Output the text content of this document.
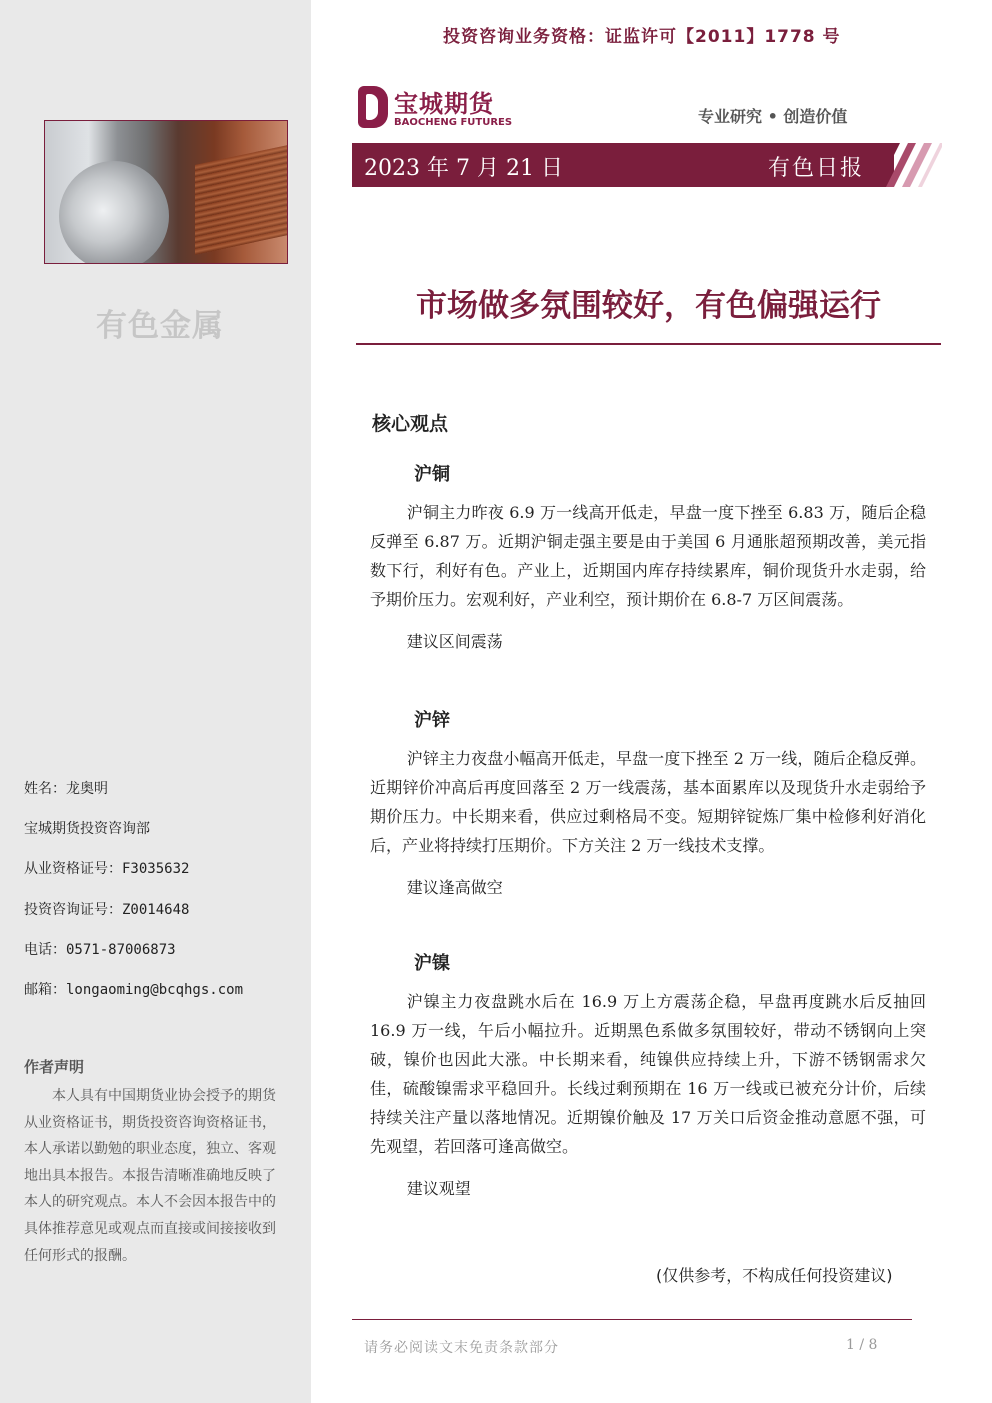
有色金属
姓名：龙奥明
宝城期货投资咨询部
从业资格证号：F3035632
投资咨询证号：Z0014648
电话：0571-87006873
邮箱：longaoming@bcqhgs.com
作者声明
本人具有中国期货业协会授予的期货从业资格证书，期货投资咨询资格证书，本人承诺以勤勉的职业态度，独立、客观地出具本报告。本报告清晰准确地反映了本人的研究观点。本人不会因本报告中的具体推荐意见或观点而直接或间接接收到任何形式的报酬。
投资咨询业务资格：证监许可【2011】1778 号
宝城期货
BAOCHENG FUTURES	专业研究 • 创造价值
2023 年 7 月 21 日	有色日报
市场做多氛围较好，有色偏强运行
核心观点
沪铜

沪铜主力昨夜 6.9 万一线高开低走，早盘一度下挫至 6.83 万，随后企稳反弹至 6.87 万。近期沪铜走强主要是由于美国 6 月通胀超预期改善，美元指数下行，利好有色。产业上，近期国内库存持续累库，铜价现货升水走弱，给予期价压力。宏观利好，产业利空，预计期价在 6.8-7 万区间震荡。

建议区间震荡

沪锌

沪锌主力夜盘小幅高开低走，早盘一度下挫至 2 万一线，随后企稳反弹。近期锌价冲高后再度回落至 2 万一线震荡，基本面累库以及现货升水走弱给予期价压力。中长期来看，供应过剩格局不变。短期锌锭炼厂集中检修利好消化后，产业将持续打压期价。下方关注 2 万一线技术支撑。

建议逢高做空

沪镍

沪镍主力夜盘跳水后在 16.9 万上方震荡企稳，早盘再度跳水后反抽回 16.9 万一线，午后小幅拉升。近期黑色系做多氛围较好，带动不锈钢向上突破，镍价也因此大涨。中长期来看，纯镍供应持续上升，下游不锈钢需求欠佳，硫酸镍需求平稳回升。长线过剩预期在 16 万一线或已被充分计价，后续持续关注产量以落地情况。近期镍价触及 17 万关口后资金推动意愿不强，可先观望，若回落可逢高做空。

建议观望

(仅供参考，不构成任何投资建议)
请务必阅读文末免责条款部分	1 / 8
